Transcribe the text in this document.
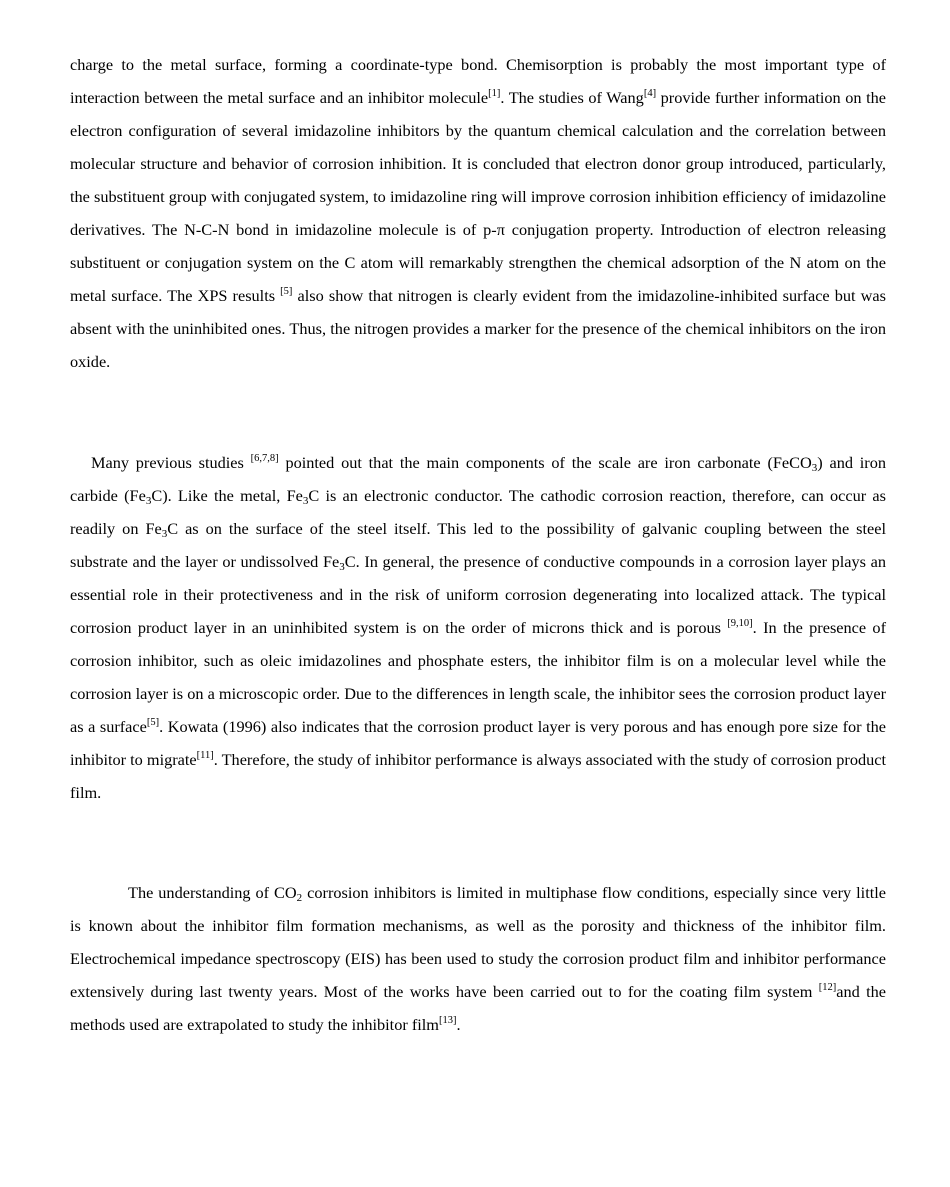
charge to the metal surface, forming a coordinate-type bond. Chemisorption is probably the most important type of interaction between the metal surface and an inhibitor molecule[1]. The studies of Wang[4] provide further information on the electron configuration of several imidazoline inhibitors by the quantum chemical calculation and the correlation between molecular structure and behavior of corrosion inhibition. It is concluded that electron donor group introduced, particularly, the substituent group with conjugated system, to imidazoline ring will improve corrosion inhibition efficiency of imidazoline derivatives. The N-C-N bond in imidazoline molecule is of p-π conjugation property. Introduction of electron releasing substituent or conjugation system on the C atom will remarkably strengthen the chemical adsorption of the N atom on the metal surface. The XPS results [5] also show that nitrogen is clearly evident from the imidazoline-inhibited surface but was absent with the uninhibited ones. Thus, the nitrogen provides a marker for the presence of the chemical inhibitors on the iron oxide.

Many previous studies [6,7,8] pointed out that the main components of the scale are iron carbonate (FeCO$_3$) and iron carbide $(Fe_3C)$. Like the metal, $Fe_3C$ is an electronic conductor. The cathodic corrosion reaction, therefore, can occur as readily on $Fe_3C$ as on the surface of the steel itself. This led to the possibility of galvanic coupling between the steel substrate and the layer or undissolved $Fe_3C$. In general, the presence of conductive compounds in a corrosion layer plays an essential role in their protectiveness and in the risk of uniform corrosion degenerating into localized attack. The typical corrosion product layer in an uninhibited system is on the order of microns thick and is porous [9,10]. In the presence of corrosion inhibitor, such as oleic imidazolines and phosphate esters, the inhibitor film is on a molecular level while the corrosion layer is on a microscopic order. Due to the differences in length scale, the inhibitor sees the corrosion product layer as a surface[5]. Kowata (1996) also indicates that the corrosion product layer is very porous and has enough pore size for the inhibitor to migrate[11]. Therefore, the study of inhibitor performance is always associated with the study of corrosion product film.

The understanding of $CO_2$ corrosion inhibitors is limited in multiphase flow conditions, especially since very little is known about the inhibitor film formation mechanisms, as well as the porosity and thickness of the inhibitor film. Electrochemical impedance spectroscopy (EIS) has been used to study the corrosion product film and inhibitor performance extensively during last twenty years. Most of the works have been carried out to for the coating film system [12]and the methods used are extrapolated to study the inhibitor film[13].
